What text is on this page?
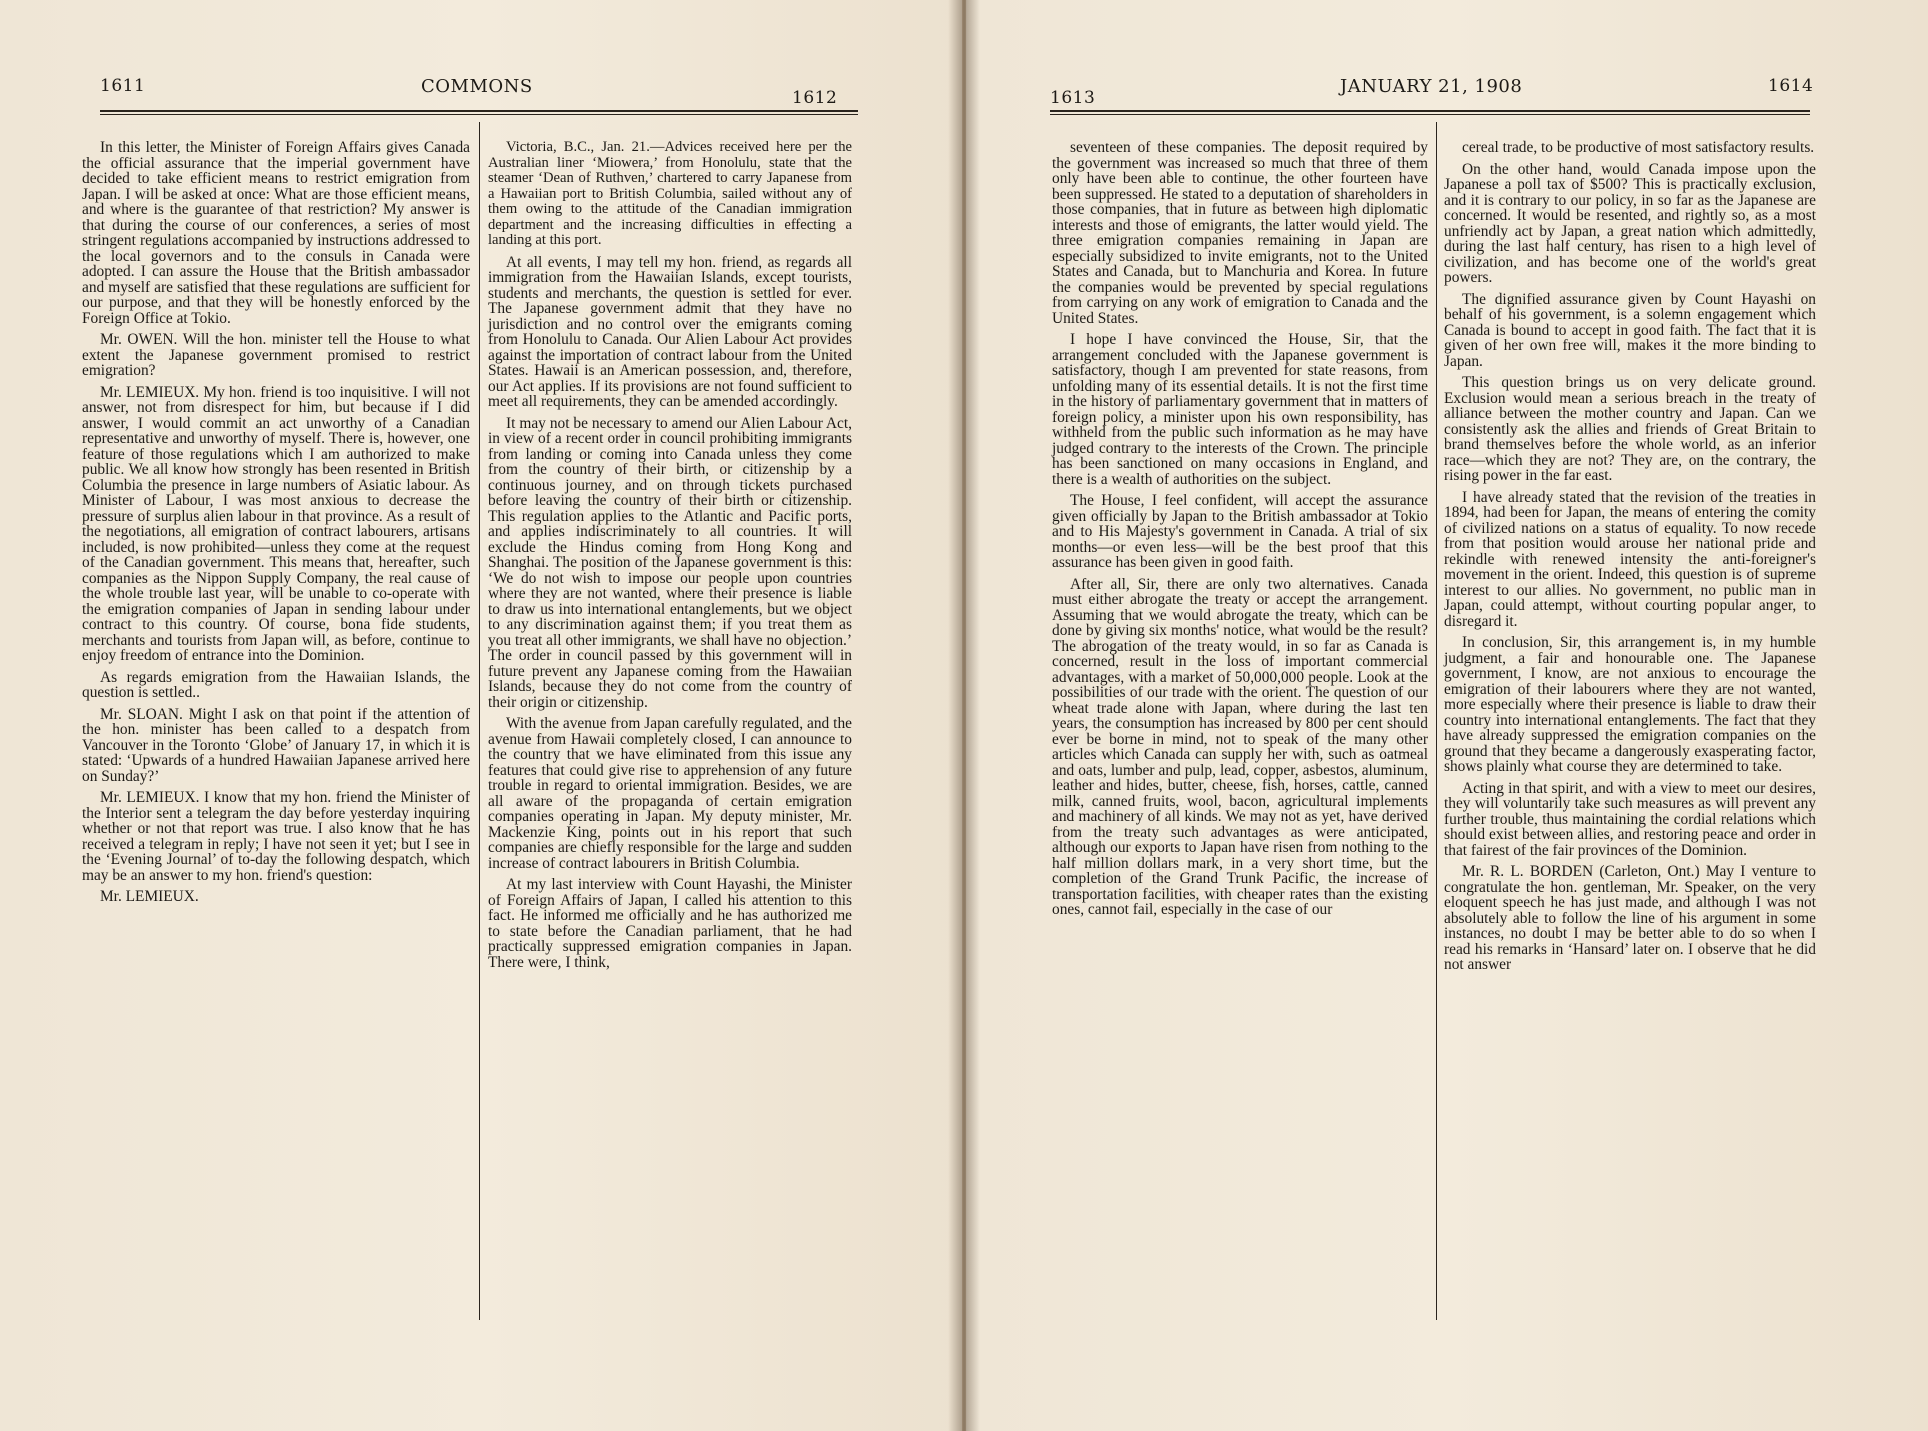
1611	COMMONS
1612	1613
JANUARY 21, 1908	1614

In this letter, the Minister of Foreign Affairs gives Canada the official assurance that the imperial government have decided to take efficient means to restrict emigration from Japan. I will be asked at once: What are those efficient means, and where is the guarantee of that restriction? My answer is that during the course of our conferences, a series of most stringent regulations accompanied by instructions addressed to the local governors and to the consuls in Canada were adopted. I can assure the House that the British ambassador and myself are satisfied that these regulations are sufficient for our purpose, and that they will be honestly enforced by the Foreign Office at Tokio.

Mr. OWEN. Will the hon. minister tell the House to what extent the Japanese government promised to restrict emigration?

Mr. LEMIEUX. My hon. friend is too inquisitive. I will not answer, not from disrespect for him, but because if I did answer, I would commit an act unworthy of a Canadian representative and unworthy of myself. There is, however, one feature of those regulations which I am authorized to make public. We all know how strongly has been resented in British Columbia the presence in large numbers of Asiatic labour. As Minister of Labour, I was most anxious to decrease the pressure of surplus alien labour in that province. As a result of the negotiations, all emigration of contract labourers, artisans included, is now prohibited—unless they come at the request of the Canadian government. This means that, hereafter, such companies as the Nippon Supply Company, the real cause of the whole trouble last year, will be unable to co-operate with the emigration companies of Japan in sending labour under contract to this country. Of course, bona fide students, merchants and tourists from Japan will, as before, continue to enjoy freedom of entrance into the Dominion.

As regards emigration from the Hawaiian Islands, the question is settled..

Mr. SLOAN. Might I ask on that point if the attention of the hon. minister has been called to a despatch from Vancouver in the Toronto ‘Globe’ of January 17, in which it is stated: ‘Upwards of a hundred Hawaiian Japanese arrived here on Sunday?’

Mr. LEMIEUX. I know that my hon. friend the Minister of the Interior sent a telegram the day before yesterday inquiring whether or not that report was true. I also know that he has received a telegram in reply; I have not seen it yet; but I see in the ‘Evening Journal’ of to-day the following despatch, which may be an answer to my hon. friend's question:

Mr. LEMIEUX.

Victoria, B.C., Jan. 21.—Advices received here per the Australian liner ‘Miowera,’ from Honolulu, state that the steamer ‘Dean of Ruthven,’ chartered to carry Japanese from a Hawaiian port to British Columbia, sailed without any of them owing to the attitude of the Canadian immigration department and the increasing difficulties in effecting a landing at this port.

At all events, I may tell my hon. friend, as regards all immigration from the Hawaiian Islands, except tourists, students and merchants, the question is settled for ever. The Japanese government admit that they have no jurisdiction and no control over the emigrants coming from Honolulu to Canada. Our Alien Labour Act provides against the importation of contract labour from the United States. Hawaii is an American possession, and, therefore, our Act applies. If its provisions are not found sufficient to meet all requirements, they can be amended accordingly.

It may not be necessary to amend our Alien Labour Act, in view of a recent order in council prohibiting immigrants from landing or coming into Canada unless they come from the country of their birth, or citizenship by a continuous journey, and on through tickets purchased before leaving the country of their birth or citizenship. This regulation applies to the Atlantic and Pacific ports, and applies indiscriminately to all countries. It will exclude the Hindus coming from Hong Kong and Shanghai. The position of the Japanese government is this: ‘We do not wish to impose our people upon countries where they are not wanted, where their presence is liable to draw us into international entanglements, but we object to any discrimination against them; if you treat them as you treat all other immigrants, we shall have no objection.’ The order in council passed by this government will in future prevent any Japanese coming from the Hawaiian Islands, because they do not come from the country of their origin or citizenship.

With the avenue from Japan carefully regulated, and the avenue from Hawaii completely closed, I can announce to the country that we have eliminated from this issue any features that could give rise to apprehension of any future trouble in regard to oriental immigration. Besides, we are all aware of the propaganda of certain emigration companies operating in Japan. My deputy minister, Mr. Mackenzie King, points out in his report that such companies are chiefly responsible for the large and sudden increase of contract labourers in British Columbia.

At my last interview with Count Hayashi, the Minister of Foreign Affairs of Japan, I called his attention to this fact. He informed me officially and he has authorized me to state before the Canadian parliament, that he had practically suppressed emigration companies in Japan. There were, I think,

seventeen of these companies. The deposit required by the government was increased so much that three of them only have been able to continue, the other fourteen have been suppressed. He stated to a deputation of shareholders in those companies, that in future as between high diplomatic interests and those of emigrants, the latter would yield. The three emigration companies remaining in Japan are especially subsidized to invite emigrants, not to the United States and Canada, but to Manchuria and Korea. In future the companies would be prevented by special regulations from carrying on any work of emigration to Canada and the United States.

I hope I have convinced the House, Sir, that the arrangement concluded with the Japanese government is satisfactory, though I am prevented for state reasons, from unfolding many of its essential details. It is not the first time in the history of parliamentary government that in matters of foreign policy, a minister upon his own responsibility, has withheld from the public such information as he may have judged contrary to the interests of the Crown. The principle has been sanctioned on many occasions in England, and there is a wealth of authorities on the subject.

The House, I feel confident, will accept the assurance given officially by Japan to the British ambassador at Tokio and to His Majesty's government in Canada. A trial of six months—or even less—will be the best proof that this assurance has been given in good faith.

After all, Sir, there are only two alternatives. Canada must either abrogate the treaty or accept the arrangement. Assuming that we would abrogate the treaty, which can be done by giving six months' notice, what would be the result? The abrogation of the treaty would, in so far as Canada is concerned, result in the loss of important commercial advantages, with a market of 50,000,000 people. Look at the possibilities of our trade with the orient. The question of our wheat trade alone with Japan, where during the last ten years, the consumption has increased by 800 per cent should ever be borne in mind, not to speak of the many other articles which Canada can supply her with, such as oatmeal and oats, lumber and pulp, lead, copper, asbestos, aluminum, leather and hides, butter, cheese, fish, horses, cattle, canned milk, canned fruits, wool, bacon, agricultural implements and machinery of all kinds. We may not as yet, have derived from the treaty such advantages as were anticipated, although our exports to Japan have risen from nothing to the half million dollars mark, in a very short time, but the completion of the Grand Trunk Pacific, the increase of transportation facilities, with cheaper rates than the existing ones, cannot fail, especially in the case of our

cereal trade, to be productive of most satisfactory results.

On the other hand, would Canada impose upon the Japanese a poll tax of $500? This is practically exclusion, and it is contrary to our policy, in so far as the Japanese are concerned. It would be resented, and rightly so, as a most unfriendly act by Japan, a great nation which admittedly, during the last half century, has risen to a high level of civilization, and has become one of the world's great powers.

The dignified assurance given by Count Hayashi on behalf of his government, is a solemn engagement which Canada is bound to accept in good faith. The fact that it is given of her own free will, makes it the more binding to Japan.

This question brings us on very delicate ground. Exclusion would mean a serious breach in the treaty of alliance between the mother country and Japan. Can we consistently ask the allies and friends of Great Britain to brand themselves before the whole world, as an inferior race—which they are not? They are, on the contrary, the rising power in the far east.

I have already stated that the revision of the treaties in 1894, had been for Japan, the means of entering the comity of civilized nations on a status of equality. To now recede from that position would arouse her national pride and rekindle with renewed intensity the anti-foreigner's movement in the orient. Indeed, this question is of supreme interest to our allies. No government, no public man in Japan, could attempt, without courting popular anger, to disregard it.

In conclusion, Sir, this arrangement is, in my humble judgment, a fair and honourable one. The Japanese government, I know, are not anxious to encourage the emigration of their labourers where they are not wanted, more especially where their presence is liable to draw their country into international entanglements. The fact that they have already suppressed the emigration companies on the ground that they became a dangerously exasperating factor, shows plainly what course they are determined to take.

Acting in that spirit, and with a view to meet our desires, they will voluntarily take such measures as will prevent any further trouble, thus maintaining the cordial relations which should exist between allies, and restoring peace and order in that fairest of the fair provinces of the Dominion.

Mr. R. L. BORDEN (Carleton, Ont.) May I venture to congratulate the hon. gentleman, Mr. Speaker, on the very eloquent speech he has just made, and although I was not absolutely able to follow the line of his argument in some instances, no doubt I may be better able to do so when I read his remarks in ‘Hansard’ later on. I observe that he did not answer
